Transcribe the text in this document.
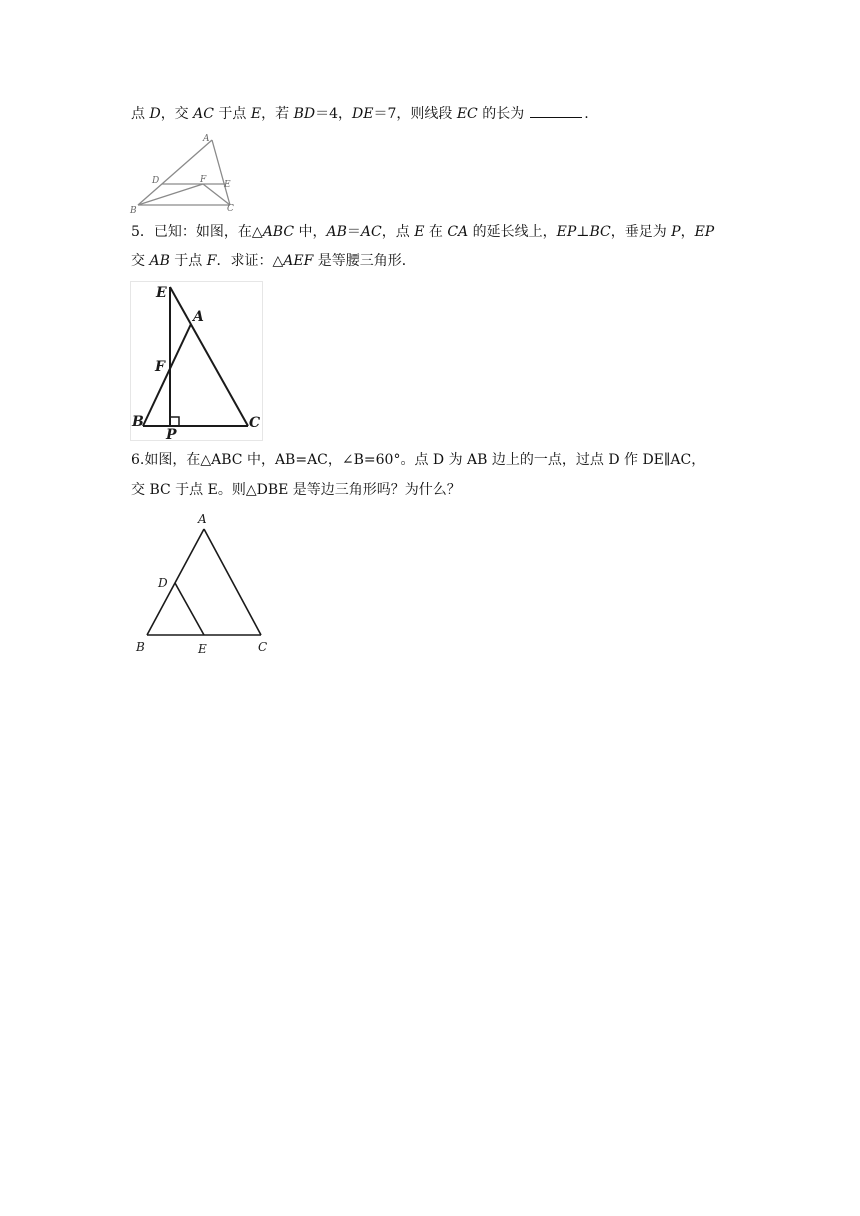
点 D，交 AC 于点 E，若 BD＝4，DE＝7，则线段 EC 的长为	.
A
B	C
D	E
F
5．已知：如图，在△ABC 中，AB＝AC，点 E 在 CA 的延长线上，EP⊥BC，垂足为 P，EP
交 AB 于点 F．求证：△AEF 是等腰三角形．
E
A
F
B
P
C
6.如图，在△ABC 中，AB=AC，∠B=60°。点 D 为 AB 边上的一点，过点 D 作 DE∥AC，
交 BC 于点 E。则△DBE 是等边三角形吗？为什么？
A
D
B	E	C
